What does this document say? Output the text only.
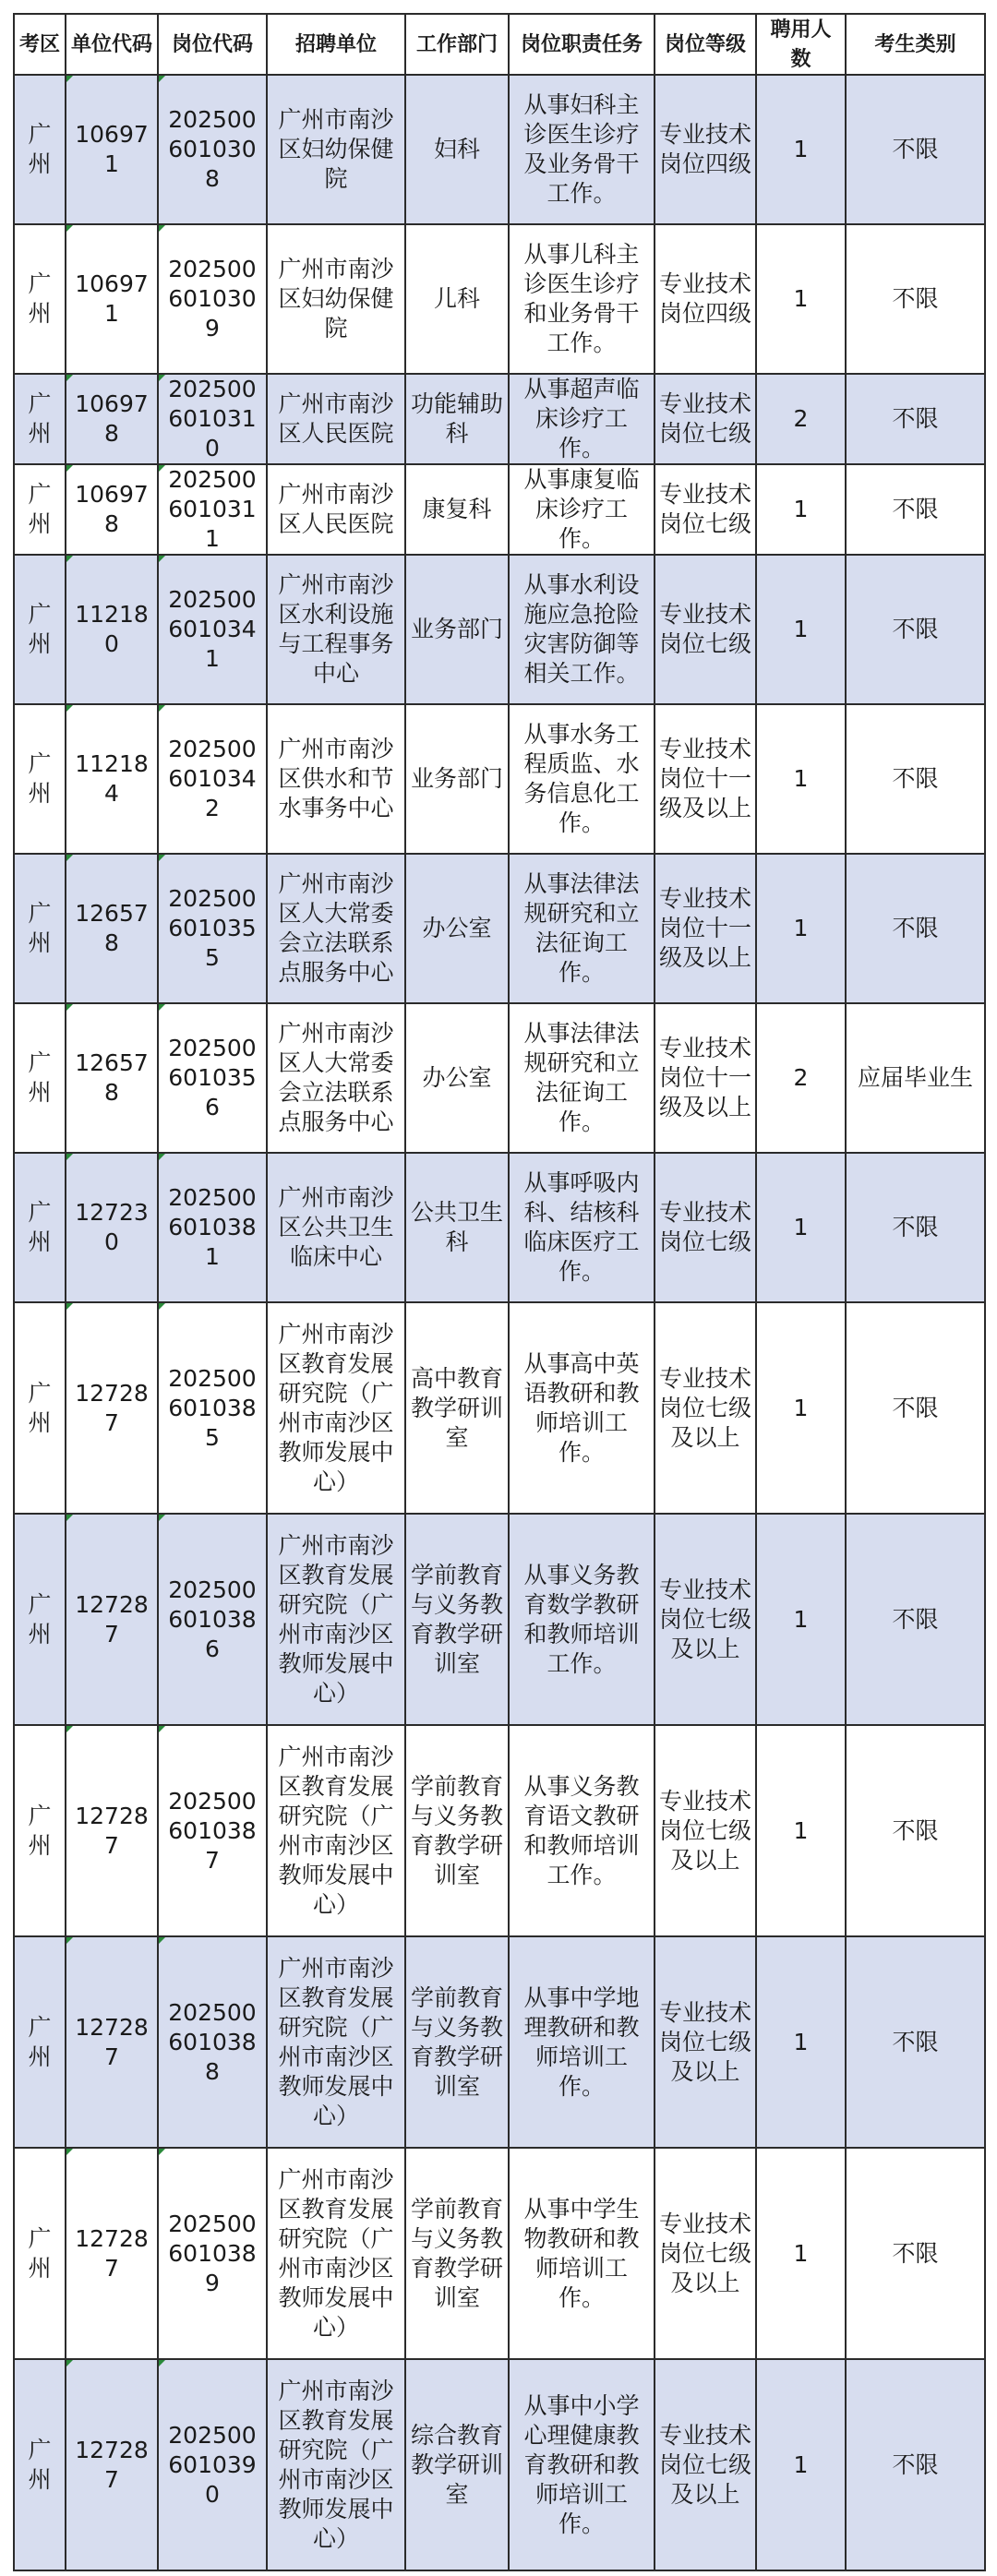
考区	单位代码	岗位代码	招聘单位	工作部门	岗位职责任务	岗位等级	聘用人数	考生类别
广州	106971	2025006010308	广州市南沙区妇幼保健院	妇科	从事妇科主诊医生诊疗及业务骨干工作。	专业技术岗位四级	1	不限
广州	106971	2025006010309	广州市南沙区妇幼保健院	儿科	从事儿科主诊医生诊疗和业务骨干工作。	专业技术岗位四级	1	不限
广州	106978	2025006010310	广州市南沙区人民医院	功能辅助科	从事超声临床诊疗工作。	专业技术岗位七级	2	不限
广州	106978	2025006010311	广州市南沙区人民医院	康复科	从事康复临床诊疗工作。	专业技术岗位七级	1	不限
广州	112180	2025006010341	广州市南沙区水利设施与工程事务中心	业务部门	从事水利设施应急抢险灾害防御等相关工作。	专业技术岗位七级	1	不限
广州	112184	2025006010342	广州市南沙区供水和节水事务中心	业务部门	从事水务工程质监、水务信息化工作。	专业技术岗位十一级及以上	1	不限
广州	126578	2025006010355	广州市南沙区人大常委会立法联系点服务中心	办公室	从事法律法规研究和立法征询工作。	专业技术岗位十一级及以上	1	不限
广州	126578	2025006010356	广州市南沙区人大常委会立法联系点服务中心	办公室	从事法律法规研究和立法征询工作。	专业技术岗位十一级及以上	2	应届毕业生
广州	127230	2025006010381	广州市南沙区公共卫生临床中心	公共卫生科	从事呼吸内科、结核科临床医疗工作。	专业技术岗位七级	1	不限
广州	127287	2025006010385	广州市南沙区教育发展研究院（广州市南沙区教师发展中心）	高中教育教学研训室	从事高中英语教研和教师培训工作。	专业技术岗位七级及以上	1	不限
广州	127287	2025006010386	广州市南沙区教育发展研究院（广州市南沙区教师发展中心）	学前教育与义务教育教学研训室	从事义务教育数学教研和教师培训工作。	专业技术岗位七级及以上	1	不限
广州	127287	2025006010387	广州市南沙区教育发展研究院（广州市南沙区教师发展中心）	学前教育与义务教育教学研训室	从事义务教育语文教研和教师培训工作。	专业技术岗位七级及以上	1	不限
广州	127287	2025006010388	广州市南沙区教育发展研究院（广州市南沙区教师发展中心）	学前教育与义务教育教学研训室	从事中学地理教研和教师培训工作。	专业技术岗位七级及以上	1	不限
广州	127287	2025006010389	广州市南沙区教育发展研究院（广州市南沙区教师发展中心）	学前教育与义务教育教学研训室	从事中学生物教研和教师培训工作。	专业技术岗位七级及以上	1	不限
广州	127287	2025006010390	广州市南沙区教育发展研究院（广州市南沙区教师发展中心）	综合教育教学研训室	从事中小学心理健康教育教研和教师培训工作。	专业技术岗位七级及以上	1	不限
